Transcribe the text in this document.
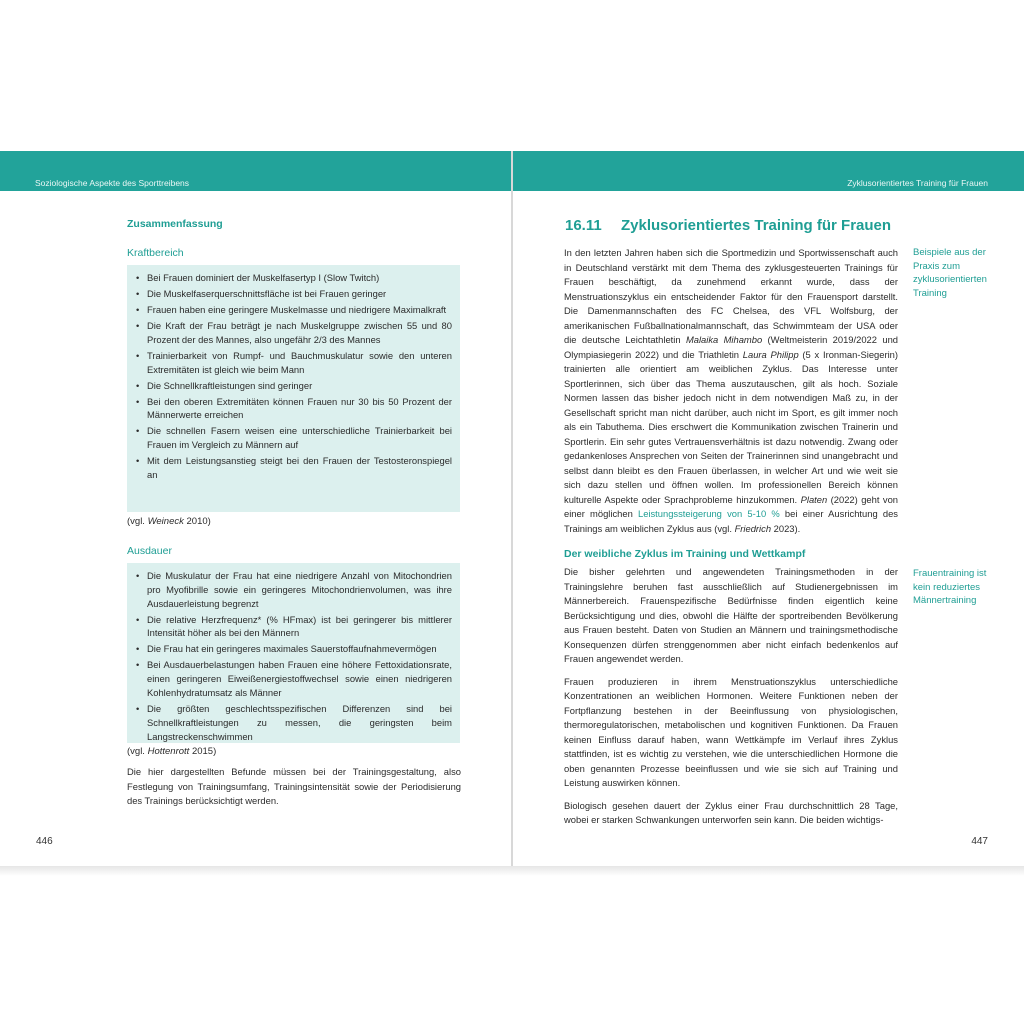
Soziologische Aspekte des Sporttreibens
Zusammenfassung
Kraftbereich
• Bei Frauen dominiert der Muskelfasertyp I (Slow Twitch)
• Die Muskelfaserquerschnittsfläche ist bei Frauen geringer
• Frauen haben eine geringere Muskelmasse und niedrigere Maximalkraft
• Die Kraft der Frau beträgt je nach Muskelgruppe zwischen 55 und 80 Prozent der des Mannes, also ungefähr 2/3 des Mannes
• Trainierbarkeit von Rumpf- und Bauchmuskulatur sowie den unteren Extremitäten ist gleich wie beim Mann
• Die Schnellkraftleistungen sind geringer
• Bei den oberen Extremitäten können Frauen nur 30 bis 50 Prozent der Männerwerte erreichen
• Die schnellen Fasern weisen eine unterschiedliche Trainierbarkeit bei Frauen im Vergleich zu Männern auf
• Mit dem Leistungsanstieg steigt bei den Frauen der Testosteronspiegel an
(vgl. Weineck 2010)
Ausdauer
• Die Muskulatur der Frau hat eine niedrigere Anzahl von Mitochondrien pro Myofibrille sowie ein geringeres Mitochondrienvolumen, was ihre Ausdauerleistung begrenzt
• Die relative Herzfrequenz* (% HFmax) ist bei geringerer bis mittlerer Intensität höher als bei den Männern
• Die Frau hat ein geringeres maximales Sauerstoffaufnahmevermögen
• Bei Ausdauerbelastungen haben Frauen eine höhere Fettoxidationsrate, einen geringeren Eiweißenergiestoffwechsel sowie einen niedrigeren Kohlenhydratumsatz als Männer
• Die größten geschlechtsspezifischen Differenzen sind bei Schnellkraftleistungen zu messen, die geringsten beim Langstreckenschwimmen
(vgl. Hottenrott 2015)
Die hier dargestellten Befunde müssen bei der Trainingsgestaltung, also Festlegung von Trainingsumfang, Trainingsintensität sowie der Periodisierung des Trainings berücksichtigt werden.
446
Zyklusorientiertes Training für Frauen
16.11 Zyklusorientiertes Training für Frauen
In den letzten Jahren haben sich die Sportmedizin und Sportwissenschaft auch in Deutschland verstärkt mit dem Thema des zyklusgesteuerten Trainings für Frauen beschäftigt, da zunehmend erkannt wurde, dass der Menstruationszyklus ein entscheidender Faktor für den Frauensport darstellt. Die Damenmannschaften des FC Chelsea, des VFL Wolfsburg, der amerikanischen Fußballnationalmannschaft, das Schwimmteam der USA oder die deutsche Leichtathletin Malaika Mihambo (Weltmeisterin 2019/2022 und Olympiasiegerin 2022) und die Triathletin Laura Philipp (5 x Ironman-Siegerin) trainierten alle orientiert am weiblichen Zyklus. Das Interesse unter Sportlerinnen, sich über das Thema auszutauschen, gilt als hoch. Soziale Normen lassen das bisher jedoch nicht in dem notwendigen Maß zu, in der Gesellschaft spricht man nicht darüber, auch nicht im Sport, es gilt immer noch als ein Tabuthema. Dies erschwert die Kommunikation zwischen Trainerin und Sportlerin. Ein sehr gutes Vertrauensverhältnis ist dazu notwendig. Zwang oder gedankenloses Ansprechen von Seiten der Trainerinnen sind unangebracht und selbst dann bleibt es den Frauen überlassen, in welcher Art und wie weit sie sich dazu stellen und öffnen wollen. Im professionellen Bereich können kulturelle Aspekte oder Sprachprobleme hinzukommen. Platen (2022) geht von einer möglichen Leistungssteigerung von 5-10 % bei einer Ausrichtung des Trainings am weiblichen Zyklus aus (vgl. Friedrich 2023).
Beispiele aus der Praxis zum zyklusorientierten Training
Der weibliche Zyklus im Training und Wettkampf

Die bisher gelehrten und angewendeten Trainingsmethoden in der Trainingslehre beruhen fast ausschließlich auf Studienergebnissen im Männerbereich. Frauenspezifische Bedürfnisse finden eigentlich keine Berücksichtigung und dies, obwohl die Hälfte der sportreibenden Bevölkerung aus Frauen besteht. Daten von Studien an Männern und trainingsmethodische Konsequenzen dürfen strenggenommen aber nicht einfach bedenkenlos auf Frauen angewendet werden.

Frauen produzieren in ihrem Menstruationszyklus unterschiedliche Konzentrationen an weiblichen Hormonen. Weitere Funktionen neben der Fortpflanzung bestehen in der Beeinflussung von physiologischen, thermoregulatorischen, metabolischen und kognitiven Funktionen. Da Frauen keinen Einfluss darauf haben, wann Wettkämpfe im Verlauf ihres Zyklus stattfinden, ist es wichtig zu verstehen, wie die unterschiedlichen Hormone die oben genannten Prozesse beeinflussen und wie sie sich auf Training und Leistung auswirken können.

Biologisch gesehen dauert der Zyklus einer Frau durchschnittlich 28 Tage, wobei er starken Schwankungen unterworfen sein kann. Die beiden wichtigs-

Frauentraining ist kein reduziertes Männertraining
447
